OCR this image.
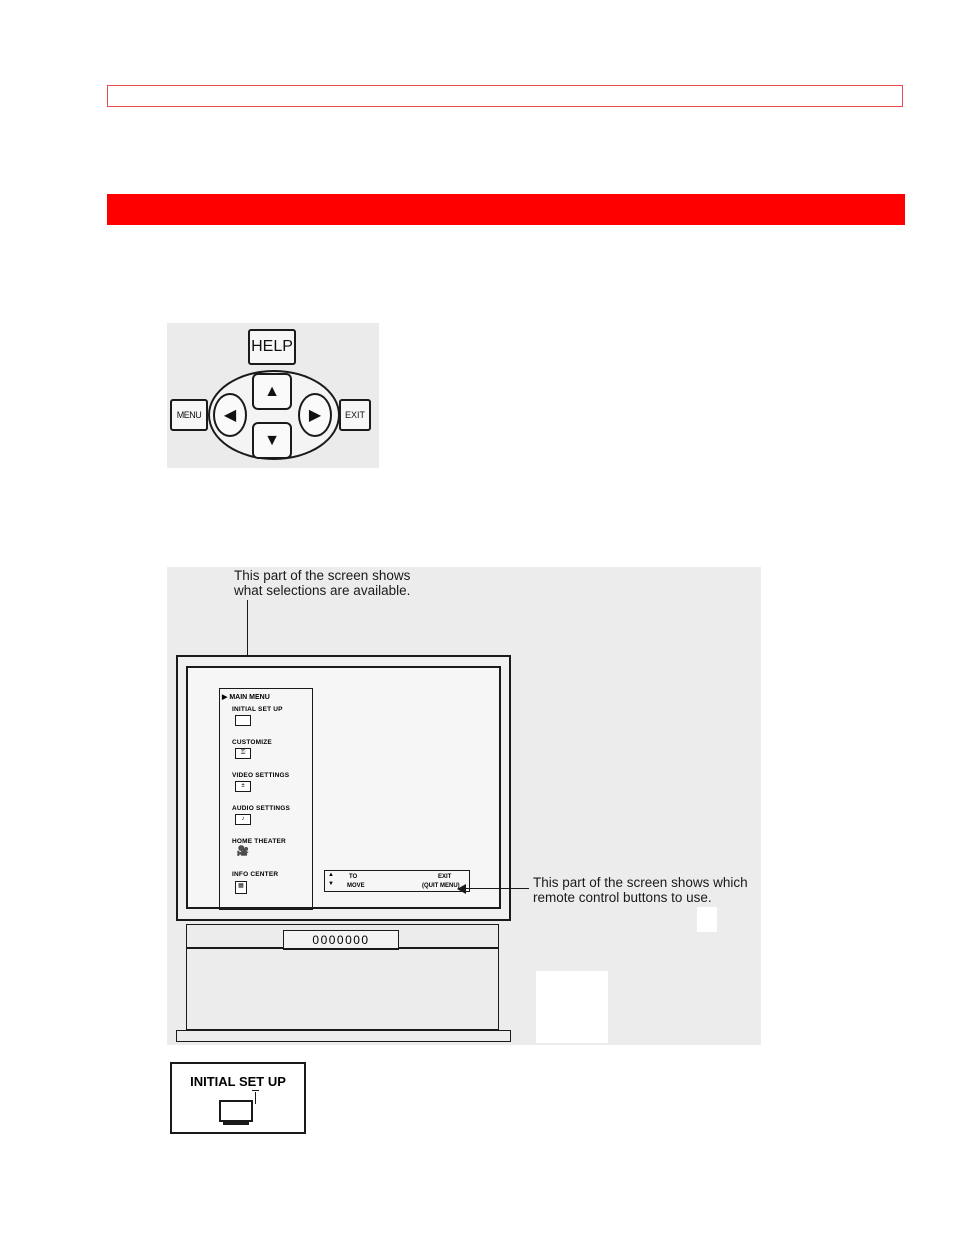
HELP
MENU	EXIT
▲
▼
◀	▶
This part of the screen shows
what selections are available.
▶ MAIN MENU
INITIAL SET UP
CUSTOMIZE
⚿
VIDEO SETTINGS
±
AUDIO SETTINGS
♪
HOME THEATER
🎥
INFO CENTER
▦
▲
▼
TO
MOVE
EXIT
(QUIT MENU)	This part of the screen shows which
remote control buttons to use.
0000000
INITIAL SET UP
